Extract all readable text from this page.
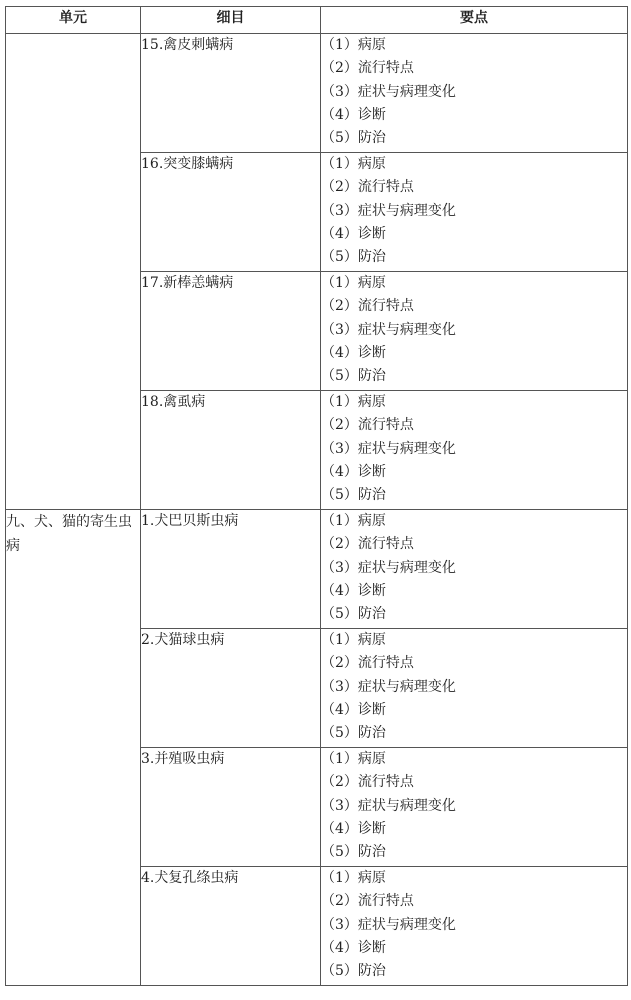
单元	细目	要点
	15.禽皮刺螨病	（1）病原
（2）流行特点
（3）症状与病理变化
（4）诊断
（5）防治

	16.突变膝螨病	（1）病原
（2）流行特点
（3）症状与病理变化
（4）诊断
（5）防治

	17.新棒恙螨病	（1）病原
（2）流行特点
（3）症状与病理变化
（4）诊断
（5）防治

	18.禽虱病	（1）病原
（2）流行特点
（3）症状与病理变化
（4）诊断
（5）防治

九、犬、猫的寄生虫病	1.犬巴贝斯虫病	（1）病原
（2）流行特点
（3）症状与病理变化
（4）诊断
（5）防治

	2.犬猫球虫病	（1）病原
（2）流行特点
（3）症状与病理变化
（4）诊断
（5）防治

	3.并殖吸虫病	（1）病原
（2）流行特点
（3）症状与病理变化
（4）诊断
（5）防治

	4.犬复孔绦虫病	（1）病原
（2）流行特点
（3）症状与病理变化
（4）诊断
（5）防治
